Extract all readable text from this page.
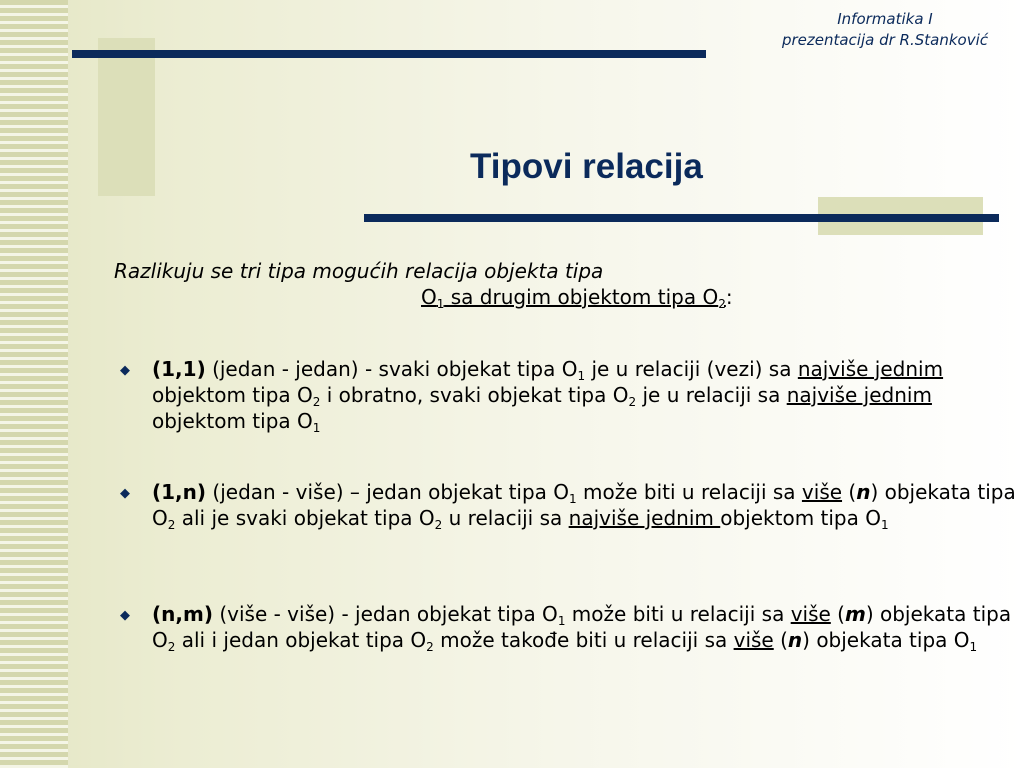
Informatika I
prezentacija dr R.Stanković
Tipovi relacija
Razlikuju se tri tipa mogućih relacija objekta tipa
$O_1$ sa drugim objektom tipa $O_2$:
◆ (1,1) (jedan - jedan) - svaki objekat tipa $O_1$ je u relaciji (vezi) sa najviše jednim objektom tipa $O_2$ i obratno, svaki objekat tipa $O_2$ je u relaciji sa najviše jednim objektom tipa $O_1$
◆ (1,n) (jedan - više) – jedan objekat tipa $O_1$ može biti u relaciji sa više (n) objekata tipa $O_2$ ali je svaki objekat tipa $O_2$ u relaciji sa najviše jednim objektom tipa $O_1$
◆ (n,m) (više - više) - jedan objekat tipa $O_1$ može biti u relaciji sa više (m) objekata tipa $O_2$ ali i jedan objekat tipa $O_2$ može takođe biti u relaciji sa više (n) objekata tipa $O_1$
